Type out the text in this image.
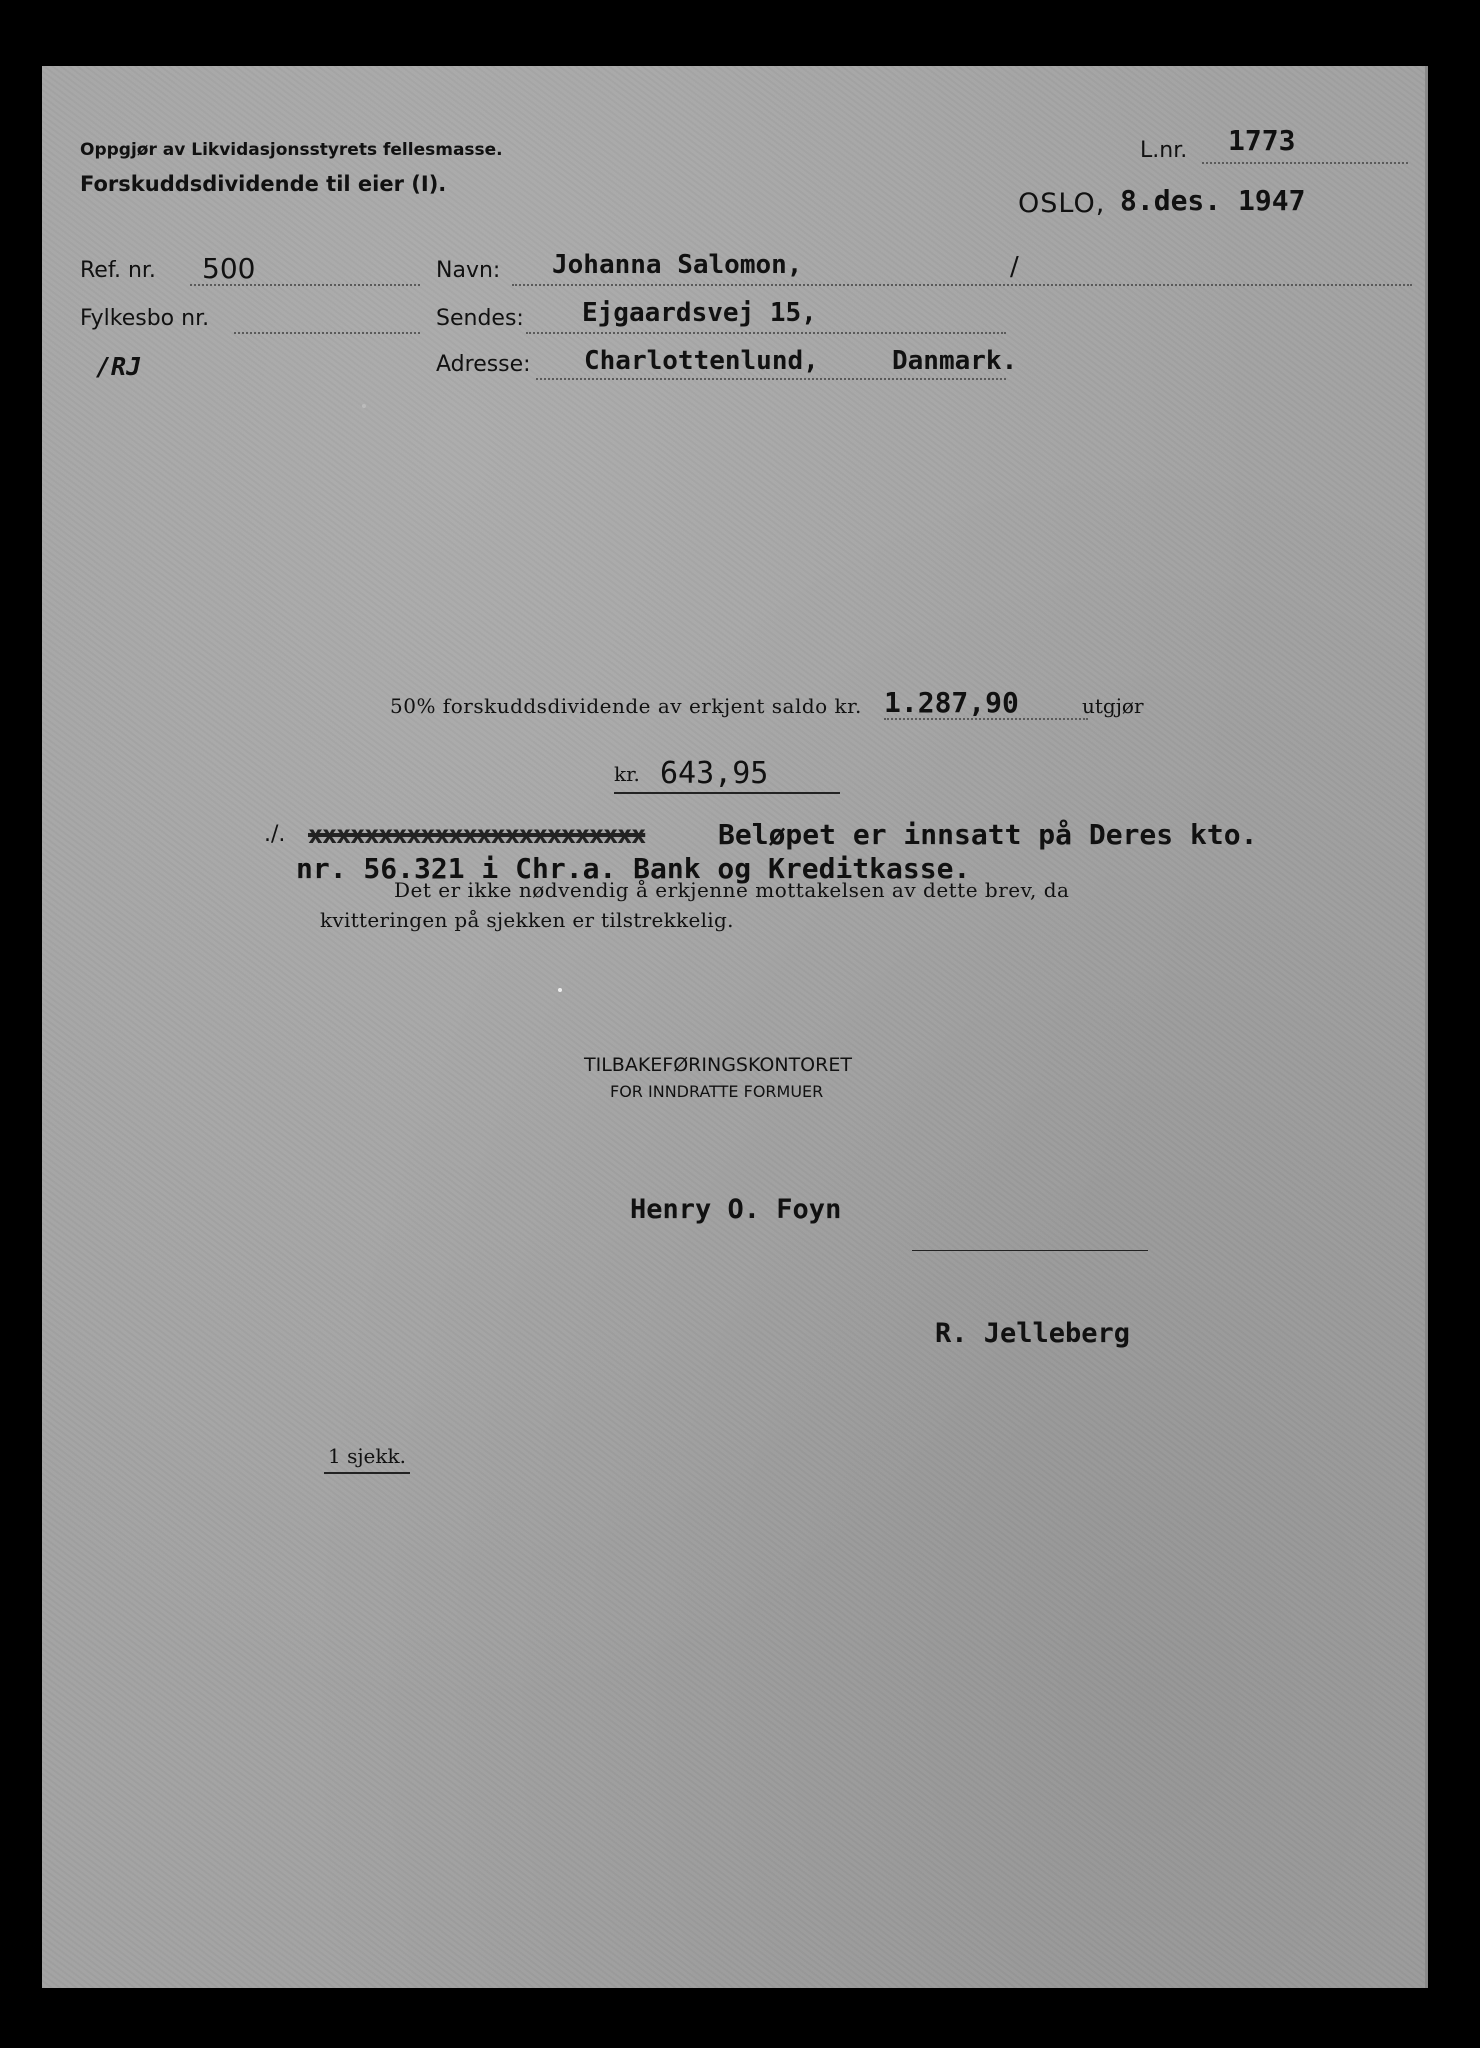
Oppgjør av Likvidasjonsstyrets fellesmasse.
Forskuddsdividende til eier (I).
L.nr. 1773
OSLO, 8.des. 1947
Ref. nr. 500
Fylkesbo nr.
/RJ
Navn: Johanna Salomon,	/
Sendes: Ejgaardsvej 15,
Adresse: Charlottenlund,	Danmark.
50% forskuddsdividende av erkjent saldo kr. 1.287,90	utgjør
kr. 643,95
./. xxxxxxxxxxxxxxxxxxxxxxxx	Beløpet er innsatt på Deres kto.
nr. 56.321 i Chr.a. Bank og Kreditkasse.
Det er ikke nødvendig å erkjenne mottakelsen av dette brev, da
kvitteringen på sjekken er tilstrekkelig.
TILBAKEFØRINGSKONTORET
FOR INNDRATTE FORMUER
Henry O. Foyn
R. Jelleberg
1 sjekk.
